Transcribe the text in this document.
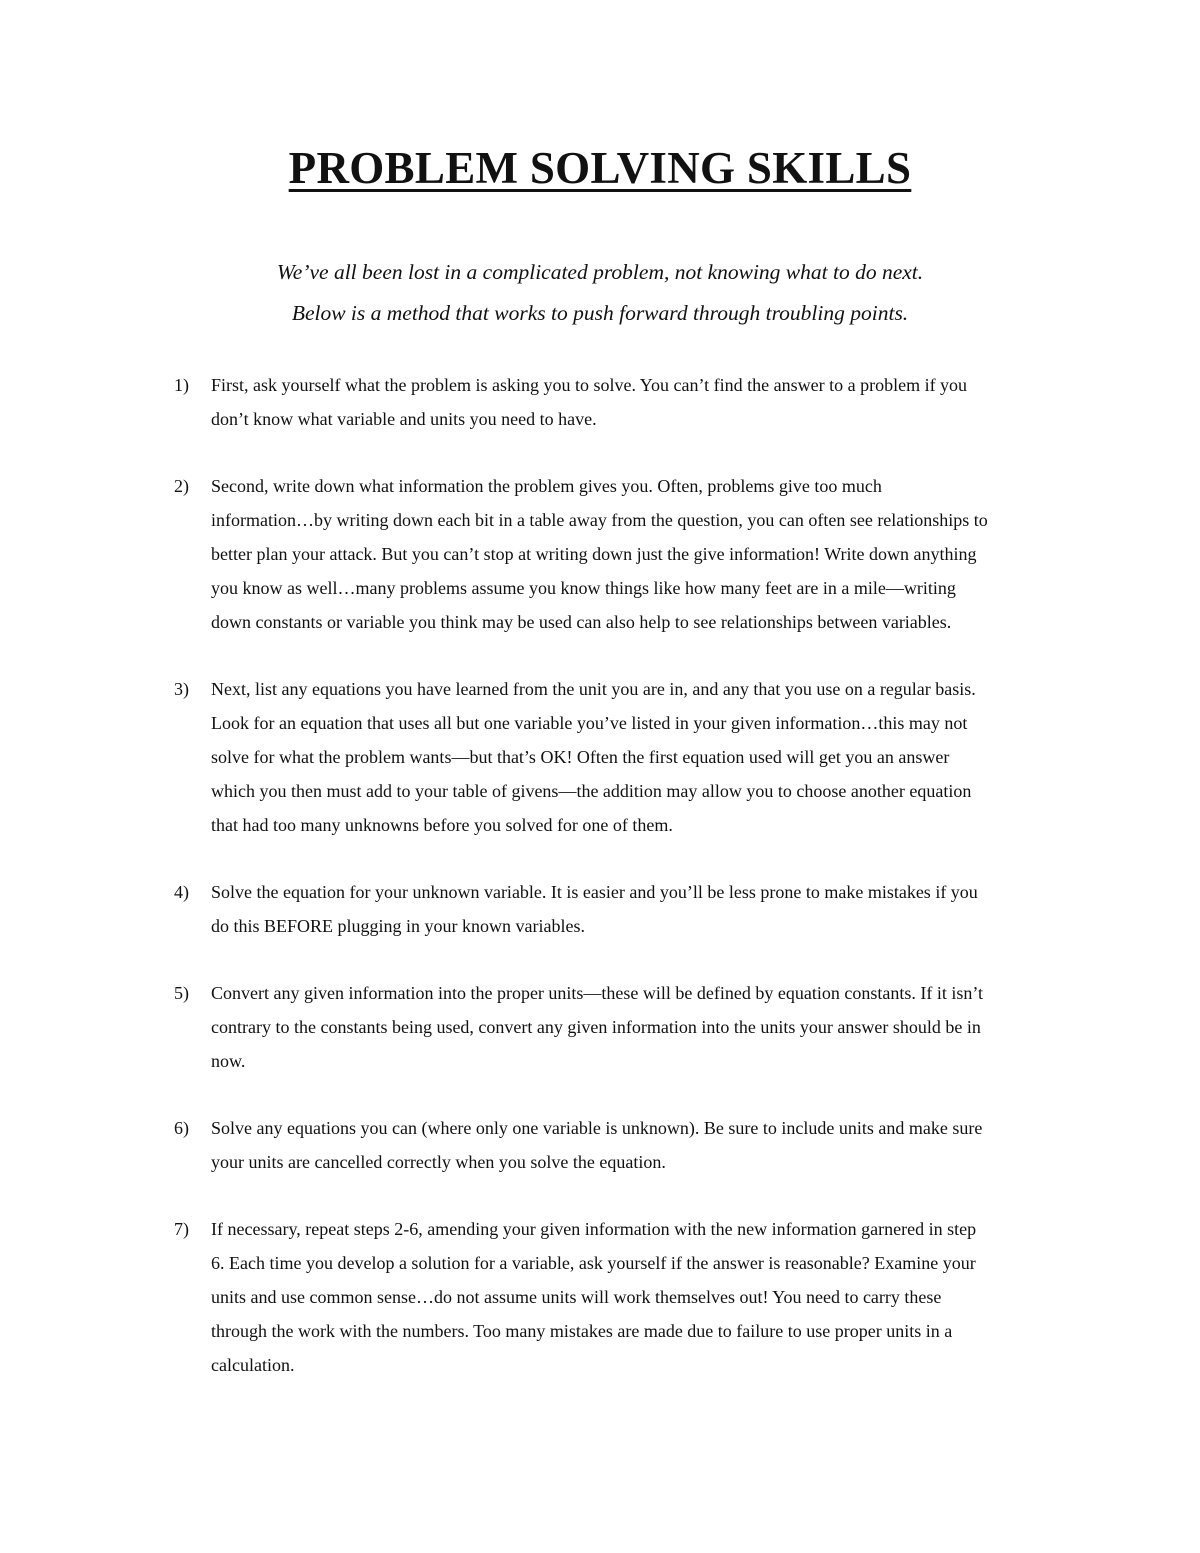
PROBLEM SOLVING SKILLS
We’ve all been lost in a complicated problem, not knowing what to do next.
Below is a method that works to push forward through troubling points.
1) First, ask yourself what the problem is asking you to solve. You can’t find the answer to a problem if you
don’t know what variable and units you need to have.
2) Second, write down what information the problem gives you. Often, problems give too much
information…by writing down each bit in a table away from the question, you can often see relationships to
better plan your attack. But you can’t stop at writing down just the give information! Write down anything
you know as well…many problems assume you know things like how many feet are in a mile—writing
down constants or variable you think may be used can also help to see relationships between variables.
3) Next, list any equations you have learned from the unit you are in, and any that you use on a regular basis.
Look for an equation that uses all but one variable you’ve listed in your given information…this may not
solve for what the problem wants—but that’s OK! Often the first equation used will get you an answer
which you then must add to your table of givens—the addition may allow you to choose another equation
that had too many unknowns before you solved for one of them.
4) Solve the equation for your unknown variable. It is easier and you’ll be less prone to make mistakes if you
do this BEFORE plugging in your known variables.
5) Convert any given information into the proper units—these will be defined by equation constants. If it isn’t
contrary to the constants being used, convert any given information into the units your answer should be in
now.
6) Solve any equations you can (where only one variable is unknown). Be sure to include units and make sure
your units are cancelled correctly when you solve the equation.
7) If necessary, repeat steps 2-6, amending your given information with the new information garnered in step
6. Each time you develop a solution for a variable, ask yourself if the answer is reasonable? Examine your
units and use common sense…do not assume units will work themselves out! You need to carry these
through the work with the numbers. Too many mistakes are made due to failure to use proper units in a
calculation.
